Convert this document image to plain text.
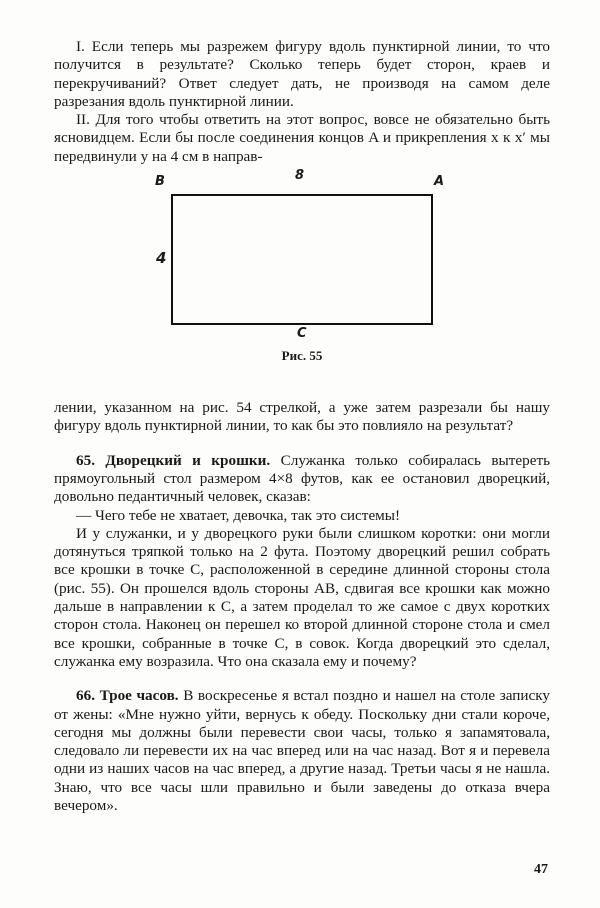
I. Если теперь мы разрежем фигуру вдоль пунктирной линии, то что получится в результате? Сколько теперь будет сторон, краев и перекручиваний? Ответ следует дать, не производя на самом деле разрезания вдоль пунктирной линии.

II. Для того чтобы ответить на этот вопрос, вовсе не обязательно быть ясновидцем. Если бы после соединения концов A и прикрепления x к x′ мы передвинули y на 4 см в направ-

B	A
8
4
C
Рис. 55

лении, указанном на рис. 54 стрелкой, а уже затем разрезали бы нашу фигуру вдоль пунктирной линии, то как бы это повлияло на результат?

65. Дворецкий и крошки. Служанка только собиралась вытереть прямоугольный стол размером 4×8 футов, как ее остановил дворецкий, довольно педантичный человек, сказав:

— Чего тебе не хватает, девочка, так это системы!

И у служанки, и у дворецкого руки были слишком коротки: они могли дотянуться тряпкой только на 2 фута. Поэтому дворецкий решил собрать все крошки в точке C, расположенной в середине длинной стороны стола (рис. 55). Он прошелся вдоль стороны AB, сдвигая все крошки как можно дальше в направлении к C, а затем проделал то же самое с двух коротких сторон стола. Наконец он перешел ко второй длинной стороне стола и смел все крошки, собранные в точке C, в совок. Когда дворецкий это сделал, служанка ему возразила. Что она сказала ему и почему?

66. Трое часов. В воскресенье я встал поздно и нашел на столе записку от жены: «Мне нужно уйти, вернусь к обеду. Поскольку дни стали короче, сегодня мы должны были перевести свои часы, только я запамятовала, следовало ли перевести их на час вперед или на час назад. Вот я и перевела одни из наших часов на час вперед, а другие назад. Третьи часы я не нашла. Знаю, что все часы шли правильно и были заведены до отказа вчера вечером».

47
